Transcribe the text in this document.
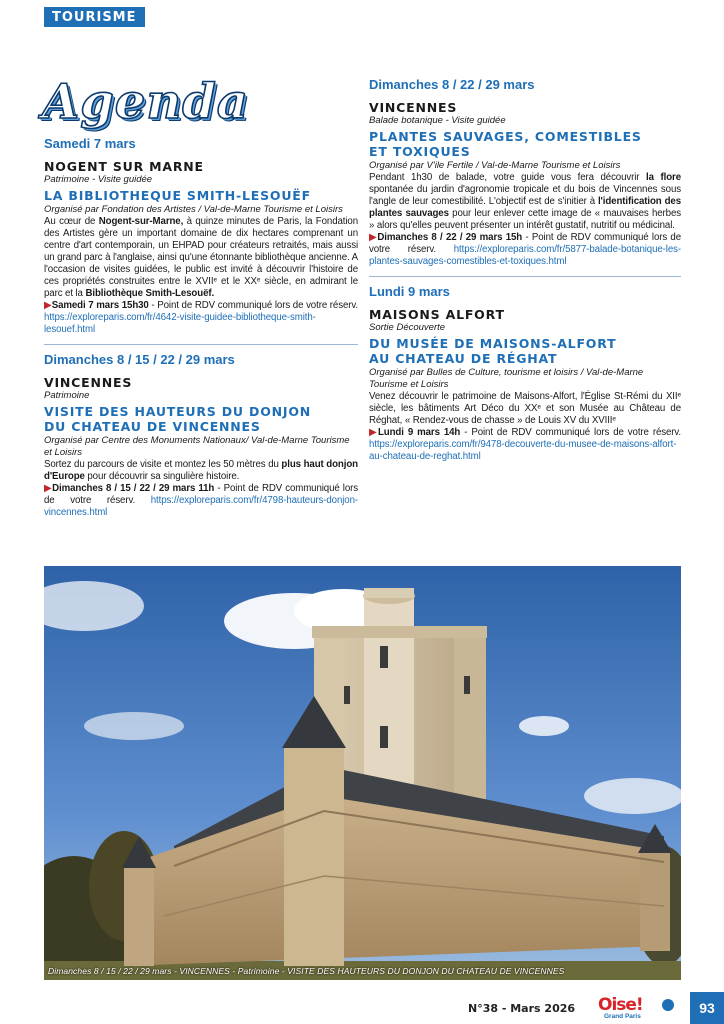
TOURISME
Agenda
Samedi 7 mars
NOGENT SUR MARNE
Patrimoine - Visite guidée
LA BIBLIOTHEQUE SMITH-LESOUËF
Organisé par Fondation des Artistes / Val-de-Marne Tourisme et Loisirs
Au cœur de Nogent-sur-Marne, à quinze minutes de Paris, la Fondation des Artistes gère un important domaine de dix hectares comprenant un centre d'art contemporain, un EHPAD pour créateurs retraités, mais aussi un grand parc à l'anglaise, ainsi qu'une étonnante bibliothèque ancienne. A l'occasion de visites guidées, le public est invité à découvrir l'histoire de ces propriétés construites entre le XVIIᵉ et le XXᵉ siècle, en admirant le parc et la Bibliothèque Smith-Lesouëf.
▶Samedi 7 mars 15h30 - Point de RDV communiqué lors de votre réserv. https://exploreparis.com/fr/4642-visite-guidee-bibliotheque-smith-lesouef.html
Dimanches 8 / 15 / 22 / 29 mars
VINCENNES
Patrimoine
VISITE DES HAUTEURS DU DONJON
DU CHATEAU DE VINCENNES
Organisé par Centre des Monuments Nationaux/ Val-de-Marne Tourisme et Loisirs
Sortez du parcours de visite et montez les 50 mètres du plus haut donjon d'Europe pour découvrir sa singulière histoire.
▶Dimanches 8 / 15 / 22 / 29 mars 11h - Point de RDV communiqué lors de votre réserv. https://exploreparis.com/fr/4798-hauteurs-donjon-vincennes.html
Dimanches 8 / 22 / 29 mars
VINCENNES
Balade botanique - Visite guidée
PLANTES SAUVAGES, COMESTIBLES
ET TOXIQUES
Organisé par V'ile Fertile / Val-de-Marne Tourisme et Loisirs
Pendant 1h30 de balade, votre guide vous fera découvrir la flore spontanée du jardin d'agronomie tropicale et du bois de Vincennes sous l'angle de leur comestibilité. L'objectif est de s'initier à l'identification des plantes sauvages pour leur enlever cette image de « mauvaises herbes » alors qu'elles peuvent présenter un intérêt gustatif, nutritif ou médicinal.
▶Dimanches 8 / 22 / 29 mars 15h - Point de RDV communiqué lors de votre réserv. https://exploreparis.com/fr/5877-balade-botanique-les-plantes-sauvages-comestibles-et-toxiques.html
Lundi 9 mars
MAISONS ALFORT
Sortie Découverte
DU MUSÉE DE MAISONS-ALFORT
AU CHATEAU DE RÉGHAT
Organisé par Bulles de Culture, tourisme et loisirs / Val-de-Marne Tourisme et Loisirs
Venez découvrir le patrimoine de Maisons-Alfort, l'Église St-Rémi du XIIᵉ siècle, les bâtiments Art Déco du XXᵉ et son Musée au Château de Réghat, « Rendez-vous de chasse » de Louis XV du XVIIIᵉ
▶Lundi 9 mars 14h - Point de RDV communiqué lors de votre réserv. https://exploreparis.com/fr/9478-decouverte-du-musee-de-maisons-alfort-au-chateau-de-reghat.html
Dimanches 8 / 15 / 22 / 29 mars - VINCENNES - Patrimoine - VISITE DES HAUTEURS DU DONJON DU CHATEAU DE VINCENNES
N°38 - Mars 2026 Oise!
Grand Paris
93
